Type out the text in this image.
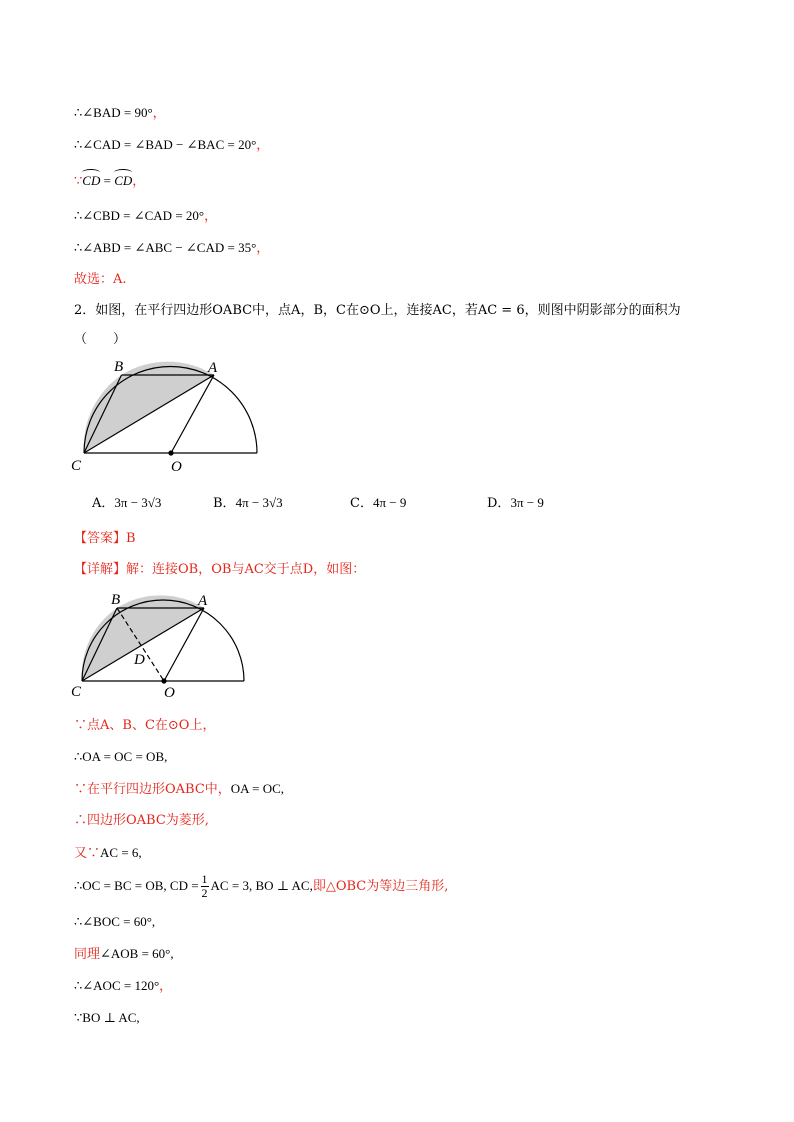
∴∠BAD = 90°，
∴∠CAD = ∠BAD − ∠BAC = 20°，
∵CD = CD，
∴∠CBD = ∠CAD = 20°，
∴∠ABD = ∠ABC − ∠CAD = 35°，
故选：A.
2．如图，在平行四边形OABC中，点A，B，C在⊙O上，连接AC，若AC = 6，则图中阴影部分的面积为
（　　）
B	A
C	O
A．3π − 3√3	B．4π − 3√3	C．4π − 9	D．3π − 9
【答案】B
【详解】解：连接OB，OB与AC交于点D，如图：
B	A
D
C	O
∵点A、B、C在⊙O上，
∴OA = OC = OB,
∵在平行四边形OABC中，OA = OC,
∴四边形OABC为菱形,
又∵AC = 6,
∴OC = BC = OB, CD = $\frac{1}{2}$ AC = 3, BO ⊥ AC,即△OBC为等边三角形,
∴∠BOC = 60°,
同理∠AOB = 60°,
∴∠AOC = 120°，
∵BO ⊥ AC,
